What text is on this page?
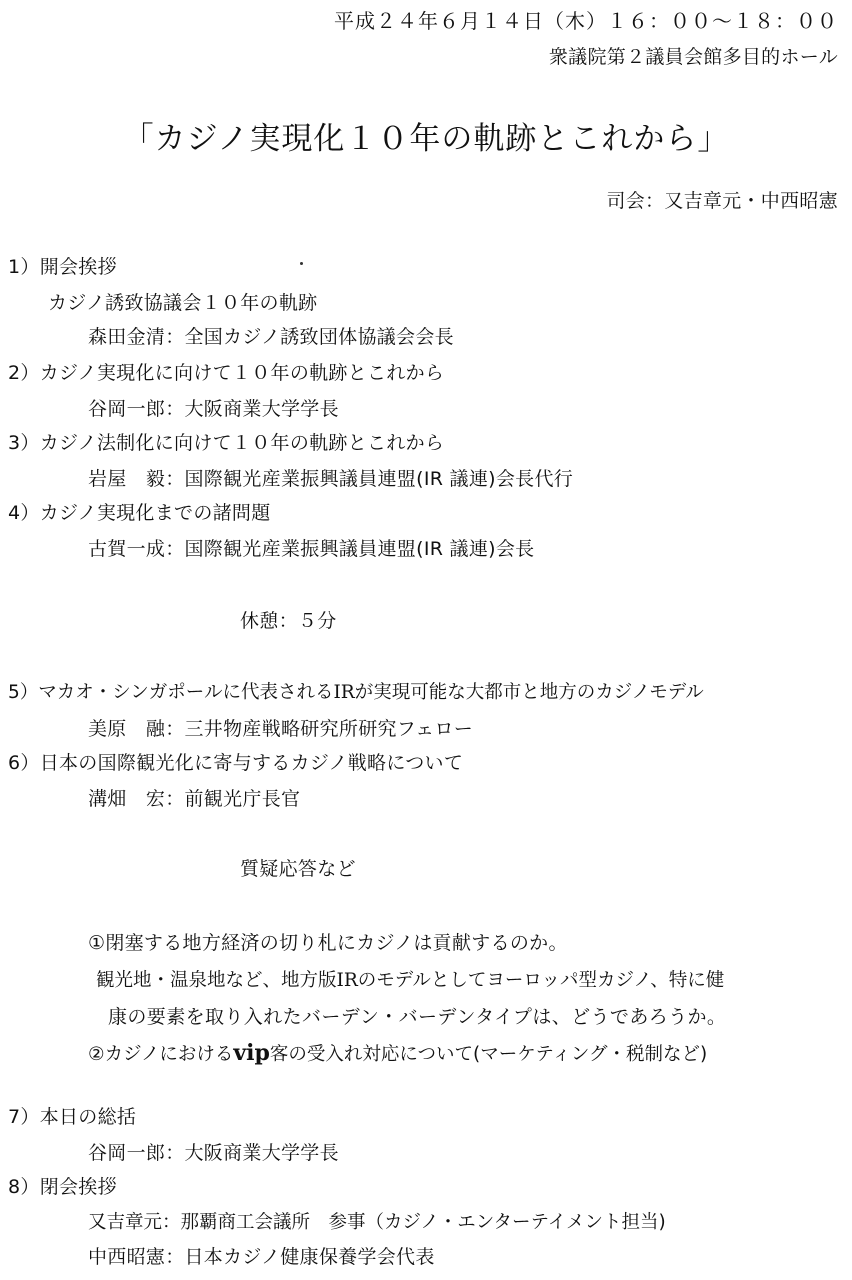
平成２４年６月１４日（木）１６：００～１８：００
衆議院第２議員会館多目的ホール
「カジノ実現化１０年の軌跡とこれから」
司会：又吉章元・中西昭憲
1）開会挨拶
カジノ誘致協議会１０年の軌跡
森田金清：全国カジノ誘致団体協議会会長
2）カジノ実現化に向けて１０年の軌跡とこれから
谷岡一郎：大阪商業大学学長
3）カジノ法制化に向けて１０年の軌跡とこれから
岩屋　毅：国際観光産業振興議員連盟(IR 議連)会長代行
4）カジノ実現化までの諸問題
古賀一成：国際観光産業振興議員連盟(IR 議連)会長
休憩：５分
5）マカオ・シンガポールに代表されるIRが実現可能な大都市と地方のカジノモデル
美原　融：三井物産戦略研究所研究フェロー
6）日本の国際観光化に寄与するカジノ戦略について
溝畑　宏：前観光庁長官
質疑応答など
①閉塞する地方経済の切り札にカジノは貢献するのか。
観光地・温泉地など、地方版IRのモデルとしてヨーロッパ型カジノ、特に健
康の要素を取り入れたバーデン・バーデンタイプは、どうであろうか。
②カジノにおけるvip客の受入れ対応について(マーケティング・税制など)
7）本日の総括
谷岡一郎：大阪商業大学学長
8）閉会挨拶
又吉章元：那覇商工会議所　参事（カジノ・エンターテイメント担当)
中西昭憲：日本カジノ健康保養学会代表
